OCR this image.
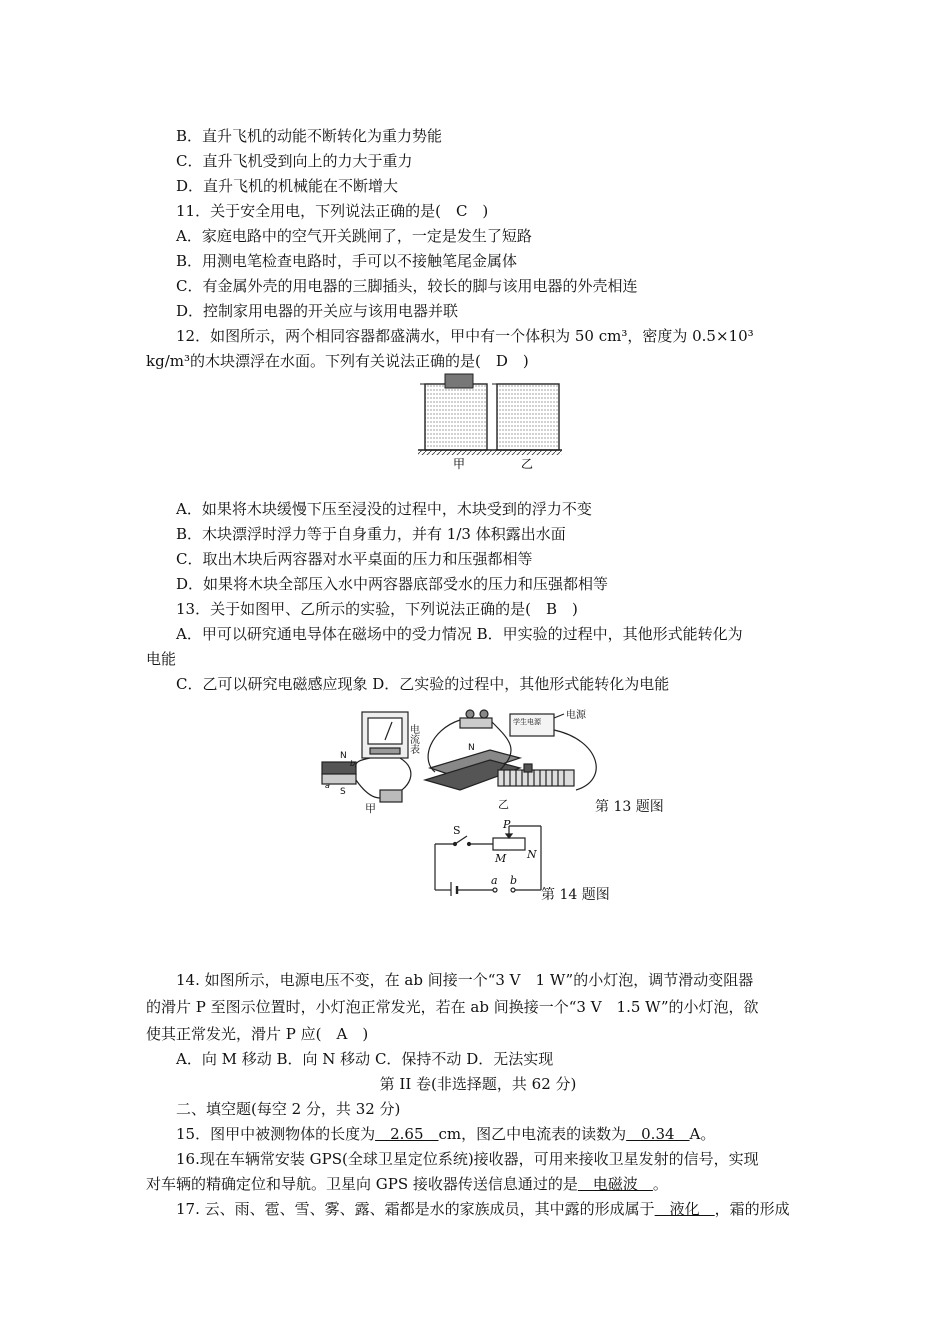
B．直升飞机的动能不断转化为重力势能
C．直升飞机受到向上的力大于重力
D．直升飞机的机械能在不断增大
11．关于安全用电，下列说法正确的是(　C　)
A．家庭电路中的空气开关跳闸了，一定是发生了短路
B．用测电笔检查电路时，手可以不接触笔尾金属体
C．有金属外壳的用电器的三脚插头，较长的脚与该用电器的外壳相连
D．控制家用电器的开关应与该用电器并联
12．如图所示，两个相同容器都盛满水，甲中有一个体积为 50 cm³，密度为 0.5×10³
kg/m³的木块漂浮在水面。下列有关说法正确的是(　D　)
甲	乙
A．如果将木块缓慢下压至浸没的过程中，木块受到的浮力不变
B．木块漂浮时浮力等于自身重力，并有 1/3 体积露出水面
C．取出木块后两容器对水平桌面的压力和压强都相等
D．如果将木块全部压入水中两容器底部受水的压力和压强都相等
13．关于如图甲、乙所示的实验，下列说法正确的是(　B　)
A．甲可以研究通电导体在磁场中的受力情况 B．甲实验的过程中，其他形式能转化为
电能
C．乙可以研究电磁感应现象 D．乙实验的过程中，其他形式能转化为电能
电流表
N
S
b
a
甲
学生电源
电源
N
乙	第 13 题图
S	P
M N
a b
第 14 题图
14. 如图所示，电源电压不变，在 ab 间接一个“3 V　1 W”的小灯泡，调节滑动变阻器
的滑片 P 至图示位置时，小灯泡正常发光，若在 ab 间换接一个“3 V　1.5 W”的小灯泡，欲
使其正常发光，滑片 P 应(　A　)
A．向 M 移动 B．向 N 移动 C．保持不动 D．无法实现
第 II 卷(非选择题，共 62 分)
二、填空题(每空 2 分，共 32 分)
15．图甲中被测物体的长度为　2.65　cm，图乙中电流表的读数为　0.34　A。
16.现在车辆常安装 GPS(全球卫星定位系统)接收器，可用来接收卫星发射的信号，实现
对车辆的精确定位和导航。卫星向 GPS 接收器传送信息通过的是　电磁波　。
17. 云、雨、雹、雪、雾、露、霜都是水的家族成员，其中露的形成属于　液化　，霜的形成
